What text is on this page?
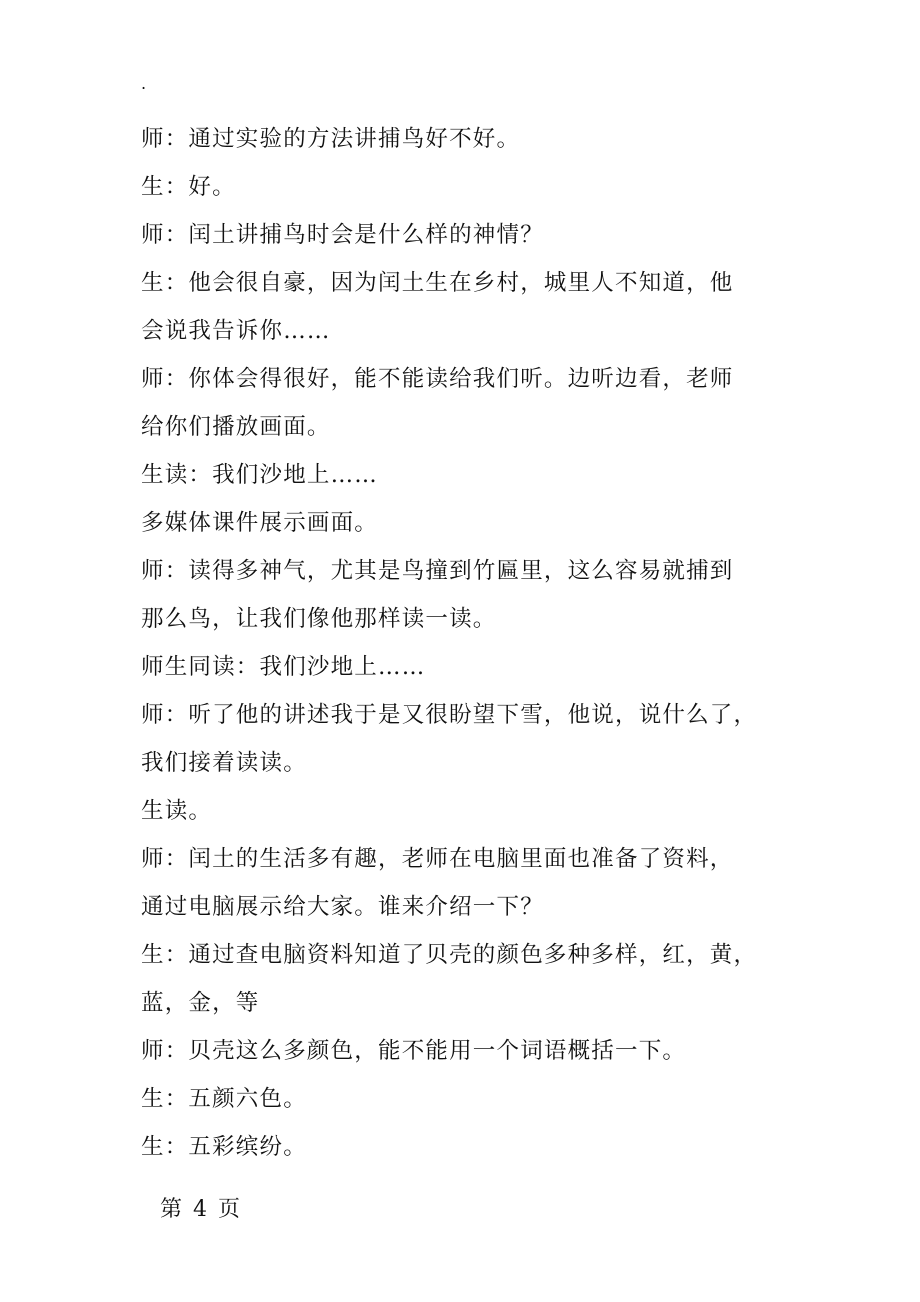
.

师：通过实验的方法讲捕鸟好不好。

生：好。

师：闰土讲捕鸟时会是什么样的神情？

生：他会很自豪，因为闰土生在乡村，城里人不知道，他

会说我告诉你……

师：你体会得很好，能不能读给我们听。边听边看，老师

给你们播放画面。

生读：我们沙地上……

多媒体课件展示画面。

师：读得多神气，尤其是鸟撞到竹匾里，这么容易就捕到

那么鸟，让我们像他那样读一读。

师生同读：我们沙地上……

师：听了他的讲述我于是又很盼望下雪，他说，说什么了，

我们接着读读。

生读。

师：闰土的生活多有趣，老师在电脑里面也准备了资料，

通过电脑展示给大家。谁来介绍一下？

生：通过查电脑资料知道了贝壳的颜色多种多样，红，黄，

蓝，金，等

师：贝壳这么多颜色，能不能用一个词语概括一下。

生：五颜六色。

生：五彩缤纷。

第 4 页
